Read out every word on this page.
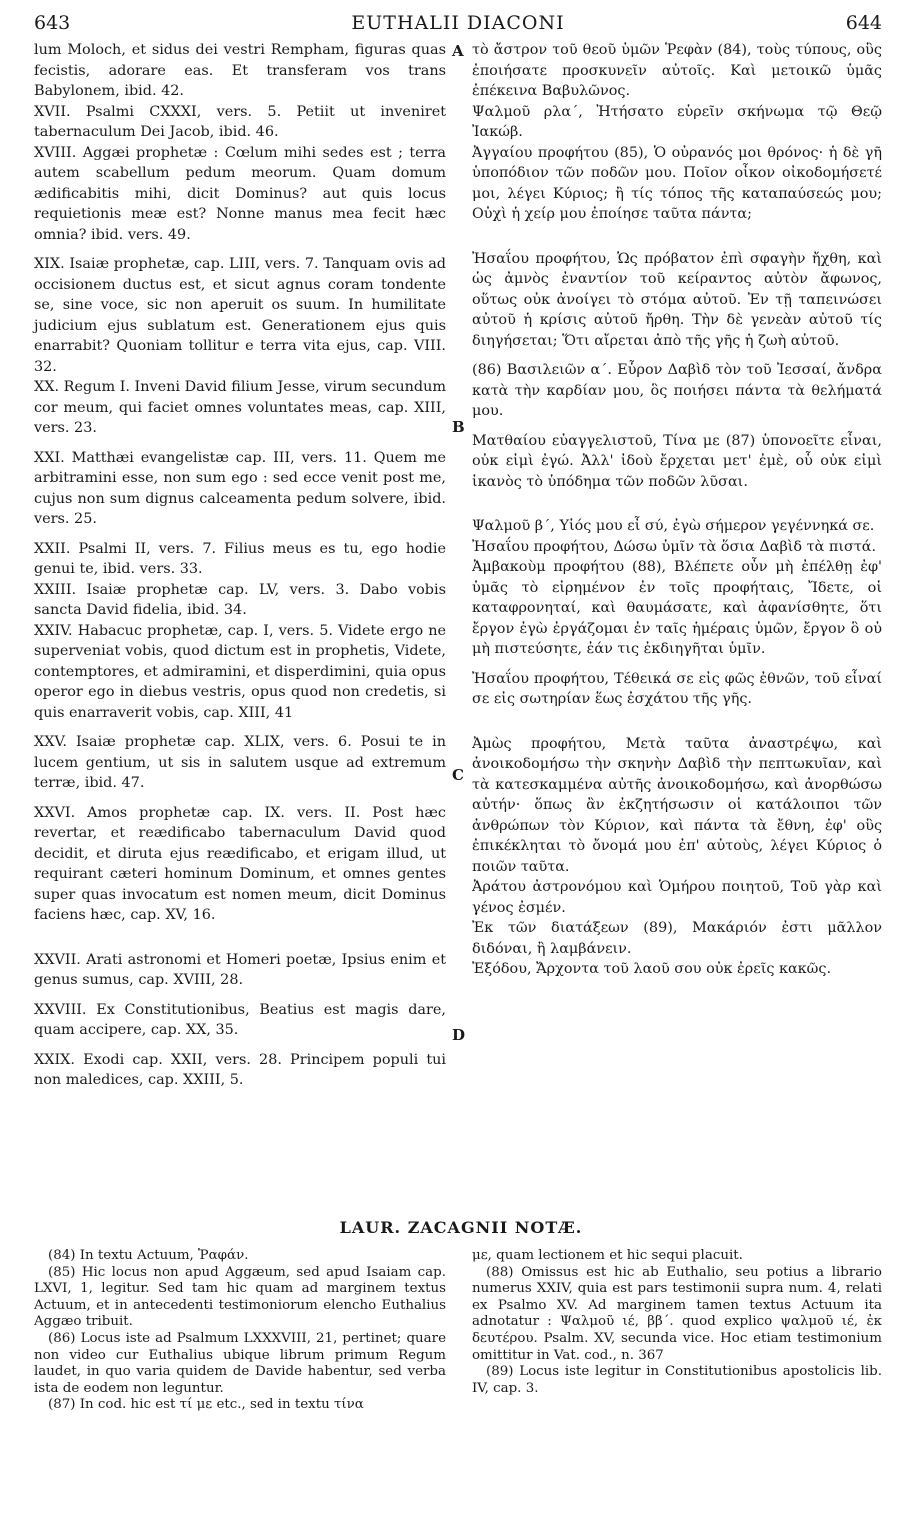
643	EUTHALII DIACONI	644
A
B
C
D

lum Moloch, et sidus dei vestri Rempham, figuras quas fecistis, adorare eas. Et transferam vos trans Babylonem, ibid. 42.

XVII. Psalmi CXXXI, vers. 5. Petiit ut inveniret tabernaculum Dei Jacob, ibid. 46.

XVIII. Aggæi prophetæ : Cœlum mihi sedes est ; terra autem scabellum pedum meorum. Quam domum ædificabitis mihi, dicit Dominus? aut quis locus requietionis meæ est? Nonne manus mea fecit hæc omnia? ibid. vers. 49.

XIX. Isaiæ prophetæ, cap. LIII, vers. 7. Tanquam ovis ad occisionem ductus est, et sicut agnus coram tondente se, sine voce, sic non aperuit os suum. In humilitate judicium ejus sublatum est. Generationem ejus quis enarrabit? Quoniam tollitur e terra vita ejus, cap. VIII. 32.

XX. Regum I. Inveni David filium Jesse, virum secundum cor meum, qui faciet omnes voluntates meas, cap. XIII, vers. 23.

XXI. Matthæi evangelistæ cap. III, vers. 11. Quem me arbitramini esse, non sum ego : sed ecce venit post me, cujus non sum dignus calceamenta pedum solvere, ibid. vers. 25.

XXII. Psalmi II, vers. 7. Filius meus es tu, ego hodie genui te, ibid. vers. 33.

XXIII. Isaiæ prophetæ cap. LV, vers. 3. Dabo vobis sancta David fidelia, ibid. 34.

XXIV. Habacuc prophetæ, cap. I, vers. 5. Videte ergo ne superveniat vobis, quod dictum est in prophetis, Videte, contemptores, et admiramini, et disperdimini, quia opus operor ego in diebus vestris, opus quod non credetis, si quis enarraverit vobis, cap. XIII, 41

XXV. Isaiæ prophetæ cap. XLIX, vers. 6. Posui te in lucem gentium, ut sis in salutem usque ad extremum terræ, ibid. 47.

XXVI. Amos prophetæ cap. IX. vers. II. Post hæc revertar, et reædificabo tabernaculum David quod decidit, et diruta ejus reædificabo, et erigam illud, ut requirant cæteri hominum Dominum, et omnes gentes super quas invocatum est nomen meum, dicit Dominus faciens hæc, cap. XV, 16.

XXVII. Arati astronomi et Homeri poetæ, Ipsius enim et genus sumus, cap. XVIII, 28.

XXVIII. Ex Constitutionibus, Beatius est magis dare, quam accipere, cap. XX, 35.

XXIX. Exodi cap. XXII, vers. 28. Principem populi tui non maledices, cap. XXIII, 5.

τὸ ἄστρον τοῦ θεοῦ ὑμῶν Ῥεφὰν (84), τοὺς τύπους, οὓς ἐποιήσατε προσκυνεῖν αὐτοῖς. Καὶ μετοικῶ ὑμᾶς ἐπέκεινα Βαβυλῶνος.

Ψαλμοῦ ρλα΄, Ἠτήσατο εὑρεῖν σκήνωμα τῷ Θεῷ Ἰακώβ.

Ἀγγαίου προφήτου (85), Ὁ οὐρανός μοι θρόνος· ἡ δὲ γῆ ὑποπόδιον τῶν ποδῶν μου. Ποῖον οἶκον οἰκοδομήσετέ μοι, λέγει Κύριος; ἢ τίς τόπος τῆς καταπαύσεώς μου; Οὐχὶ ἡ χείρ μου ἐποίησε ταῦτα πάντα;

Ἠσαΐου προφήτου, Ὡς πρόβατον ἐπὶ σφαγὴν ἤχθη, καὶ ὡς ἀμνὸς ἐναντίον τοῦ κείραντος αὐτὸν ἄφωνος, οὕτως οὐκ ἀνοίγει τὸ στόμα αὐτοῦ. Ἐν τῇ ταπεινώσει αὐτοῦ ἡ κρίσις αὐτοῦ ἤρθη. Τὴν δὲ γενεὰν αὐτοῦ τίς διηγήσεται; Ὅτι αἴρεται ἀπὸ τῆς γῆς ἡ ζωὴ αὐτοῦ.

(86) Βασιλειῶν α΄. Εὗρον Δαβὶδ τὸν τοῦ Ἰεσσαί, ἄνδρα κατὰ τὴν καρδίαν μου, ὃς ποιήσει πάντα τὰ θελήματά μου.

Ματθαίου εὐαγγελιστοῦ, Τίνα με (87) ὑπονοεῖτε εἶναι, οὐκ εἰμὶ ἐγώ. Ἀλλ' ἰδοὺ ἔρχεται μετ' ἐμὲ, οὗ οὐκ εἰμὶ ἱκανὸς τὸ ὑπόδημα τῶν ποδῶν λῦσαι.

Ψαλμοῦ β΄, Υἱός μου εἶ σύ, ἐγὼ σήμερον γεγέννηκά σε.

Ἠσαΐου προφήτου, Δώσω ὑμῖν τὰ ὅσια Δαβὶδ τὰ πιστά.

Ἀμβακοὺμ προφήτου (88), Βλέπετε οὖν μὴ ἐπέλθῃ ἐφ' ὑμᾶς τὸ εἰρημένον ἐν τοῖς προφήταις, Ἴδετε, οἱ καταφρονηταί, καὶ θαυμάσατε, καὶ ἀφανίσθητε, ὅτι ἔργον ἐγὼ ἐργάζομαι ἐν ταῖς ἡμέραις ὑμῶν, ἔργον ὃ οὐ μὴ πιστεύσητε, ἐάν τις ἐκδιηγῆται ὑμῖν.

Ἠσαΐου προφήτου, Τέθεικά σε εἰς φῶς ἐθνῶν, τοῦ εἶναί σε εἰς σωτηρίαν ἕως ἐσχάτου τῆς γῆς.

Ἀμὼς προφήτου, Μετὰ ταῦτα ἀναστρέψω, καὶ ἀνοικοδομήσω τὴν σκηνὴν Δαβὶδ τὴν πεπτωκυῖαν, καὶ τὰ κατεσκαμμένα αὐτῆς ἀνοικοδομήσω, καὶ ἀνορθώσω αὐτήν· ὅπως ἂν ἐκζητήσωσιν οἱ κατάλοιποι τῶν ἀνθρώπων τὸν Κύριον, καὶ πάντα τὰ ἔθνη, ἐφ' οὓς ἐπικέκληται τὸ ὄνομά μου ἐπ' αὐτοὺς, λέγει Κύριος ὁ ποιῶν ταῦτα.

Ἀράτου ἀστρονόμου καὶ Ὁμήρου ποιητοῦ, Τοῦ γὰρ καὶ γένος ἐσμέν.

Ἐκ τῶν διατάξεων (89), Μακάριόν ἐστι μᾶλλον διδόναι, ἢ λαμβάνειν.

Ἐξόδου, Ἄρχοντα τοῦ λαοῦ σου οὐκ ἐρεῖς κακῶς.

LAUR. ZACAGNII NOTÆ.

(84) In textu Actuum, Ῥαφάν.

(85) Hic locus non apud Aggæum, sed apud Isaiam cap. LXVI, 1, legitur. Sed tam hic quam ad marginem textus Actuum, et in antecedenti testimoniorum elencho Euthalius Aggæo tribuit.

(86) Locus iste ad Psalmum LXXXVIII, 21, pertinet; quare non video cur Euthalius ubique librum primum Regum laudet, in quo varia quidem de Davide habentur, sed verba ista de eodem non leguntur.

(87) In cod. hic est τί με etc., sed in textu τίνα

με, quam lectionem et hic sequi placuit.

(88) Omissus est hic ab Euthalio, seu potius a librario numerus XXIV, quia est pars testimonii supra num. 4, relati ex Psalmo XV. Ad marginem tamen textus Actuum ita adnotatur : Ψαλμοῦ ιέ, ββ΄. quod explico ψαλμοῦ ιέ, ἐκ δευτέρου. Psalm. XV, secunda vice. Hoc etiam testimonium omittitur in Vat. cod., n. 367

(89) Locus iste legitur in Constitutionibus apostolicis lib. IV, cap. 3.
